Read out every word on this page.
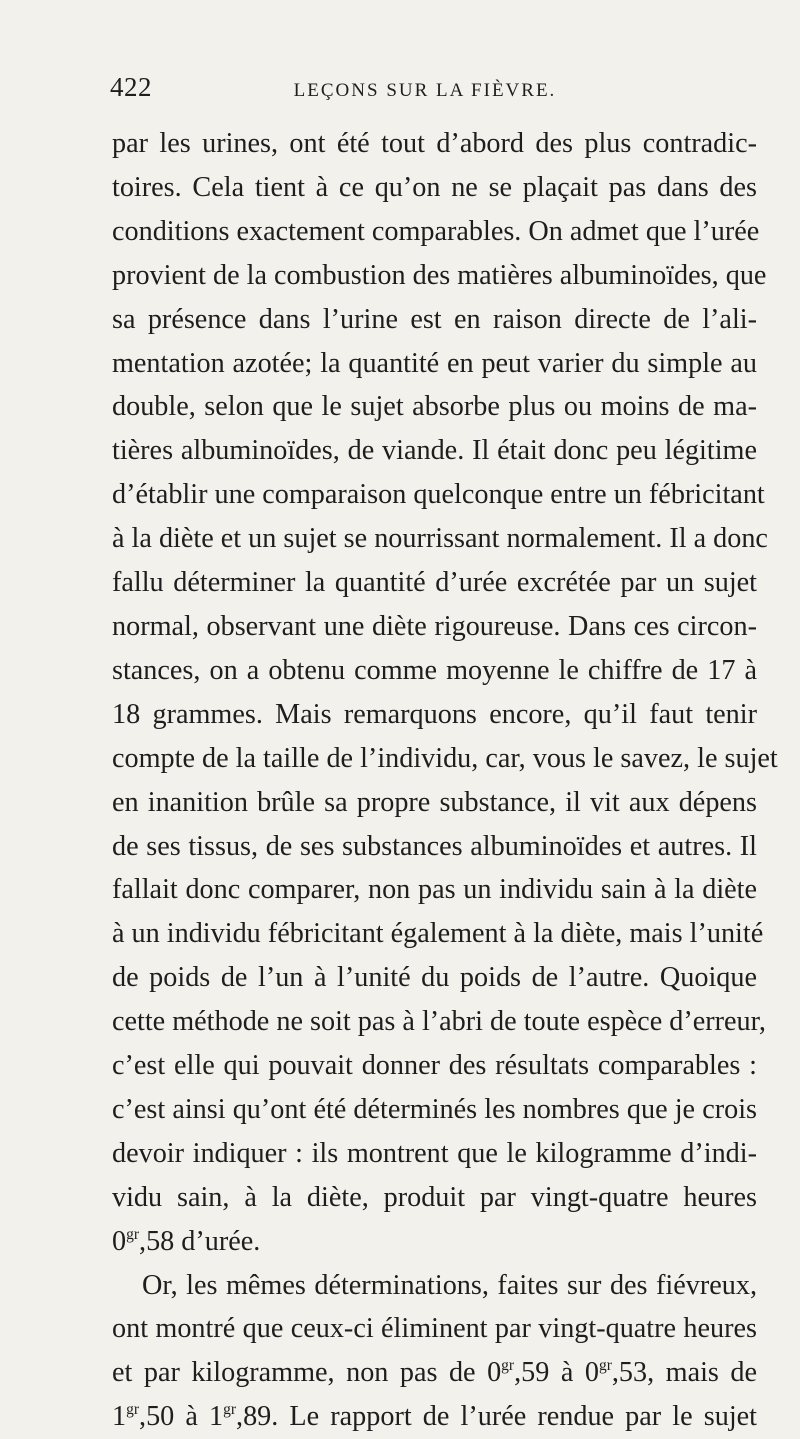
422	LEÇONS SUR LA FIÈVRE.
par les urines, ont été tout d’abord des plus contradic-
toires. Cela tient à ce qu’on ne se plaçait pas dans des
conditions exactement comparables. On admet que l’urée
provient de la combustion des matières albuminoïdes, que
sa présence dans l’urine est en raison directe de l’ali-
mentation azotée; la quantité en peut varier du simple au
double, selon que le sujet absorbe plus ou moins de ma-
tières albuminoïdes, de viande. Il était donc peu légitime
d’établir une comparaison quelconque entre un fébricitant
à la diète et un sujet se nourrissant normalement. Il a donc
fallu déterminer la quantité d’urée excrétée par un sujet
normal, observant une diète rigoureuse. Dans ces circon-
stances, on a obtenu comme moyenne le chiffre de 17 à
18 grammes. Mais remarquons encore, qu’il faut tenir
compte de la taille de l’individu, car, vous le savez, le sujet
en inanition brûle sa propre substance, il vit aux dépens
de ses tissus, de ses substances albuminoïdes et autres. Il
fallait donc comparer, non pas un individu sain à la diète
à un individu fébricitant également à la diète, mais l’unité
de poids de l’un à l’unité du poids de l’autre. Quoique
cette méthode ne soit pas à l’abri de toute espèce d’erreur,
c’est elle qui pouvait donner des résultats comparables :
c’est ainsi qu’ont été déterminés les nombres que je crois
devoir indiquer : ils montrent que le kilogramme d’indi-
vidu sain, à la diète, produit par vingt-quatre heures
$0^{gr},58$ d’urée.
Or, les mêmes déterminations, faites sur des fiévreux,
ont montré que ceux-ci éliminent par vingt-quatre heures
et par kilogramme, non pas de $0^{gr},59$ à $0^{gr},53$, mais de
$1^{gr},50$ à $1^{gr},89$. Le rapport de l’urée rendue par le sujet
